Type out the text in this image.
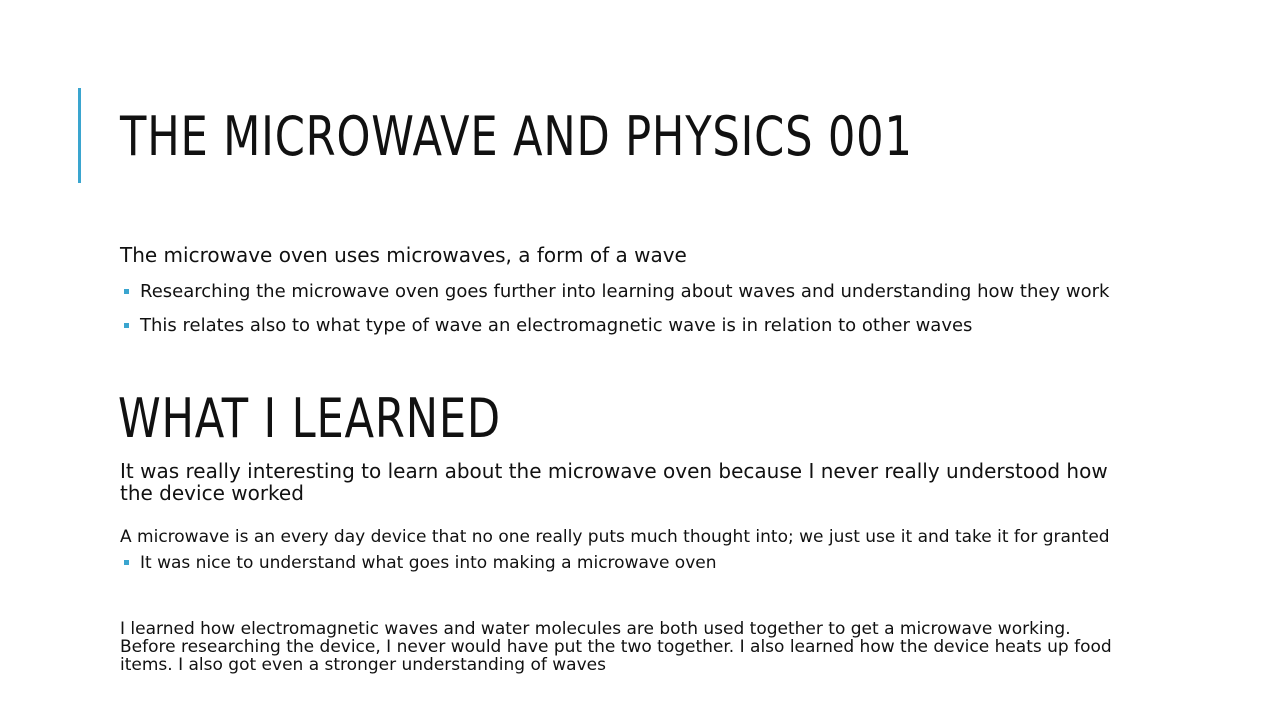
THE MICROWAVE AND PHYSICS 001

The microwave oven uses microwaves, a form of a wave

Researching the microwave oven goes further into learning about waves and understanding how they work

This relates also to what type of wave an electromagnetic wave is in relation to other waves

WHAT I LEARNED

It was really interesting to learn about the microwave oven because I never really understood how the device worked

A microwave is an every day device that no one really puts much thought into; we just use it and take it for granted

It was nice to understand what goes into making a microwave oven

I learned how electromagnetic waves and water molecules are both used together to get a microwave working. Before researching the device, I never would have put the two together. I also learned how the device heats up food items. I also got even a stronger understanding of waves
